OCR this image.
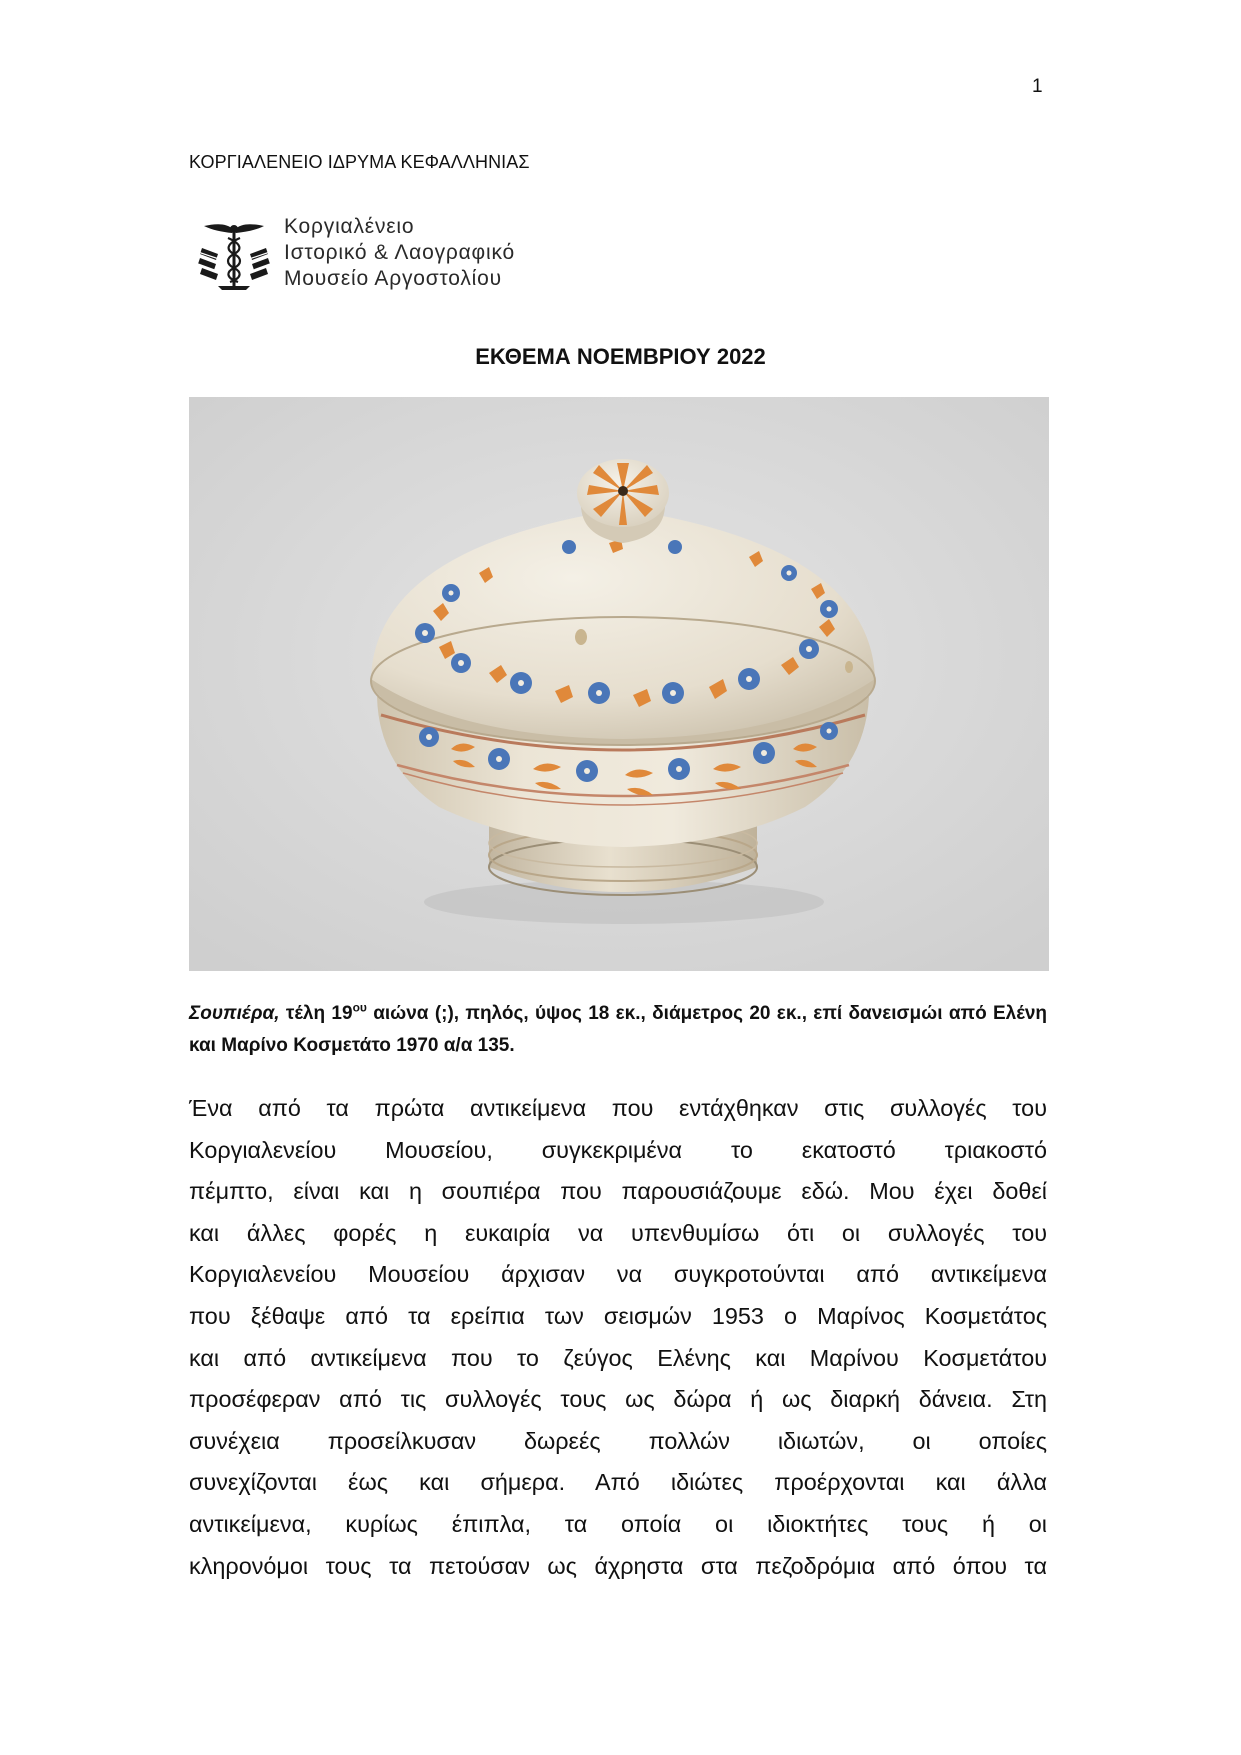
1
ΚΟΡΓΙΑΛΕΝΕΙΟ ΙΔΡΥΜΑ ΚΕΦΑΛΛΗΝΙΑΣ
Κοργιαλένειο
Ιστορικό & Λαογραφικό
Μουσείο Αργοστολίου
ΕΚΘΕΜΑ ΝΟΕΜΒΡΙΟΥ 2022
Σουπιέρα, τέλη $19^{o\upsilon}$ αιώνα (;), πηλός, ύψος 18 εκ., διάμετρος 20 εκ., επί δανεισμώι από Ελένη και Μαρίνο Κοσμετάτο 1970 α/α 135.
Ένα από τα πρώτα αντικείμενα που εντάχθηκαν στις συλλογές του
Κοργιαλενείου Μουσείου, συγκεκριμένα το εκατοστό τριακοστό
πέμπτο, είναι και η σουπιέρα που παρουσιάζουμε εδώ. Μου έχει δοθεί
και άλλες φορές η ευκαιρία να υπενθυμίσω ότι οι συλλογές του
Κοργιαλενείου Μουσείου άρχισαν να συγκροτούνται από αντικείμενα
που ξέθαψε από τα ερείπια των σεισμών 1953 ο Μαρίνος Κοσμετάτος
και από αντικείμενα που το ζεύγος Ελένης και Μαρίνου Κοσμετάτου
προσέφεραν από τις συλλογές τους ως δώρα ή ως διαρκή δάνεια. Στη
συνέχεια προσείλκυσαν δωρεές πολλών ιδιωτών, οι οποίες
συνεχίζονται έως και σήμερα. Από ιδιώτες προέρχονται και άλλα
αντικείμενα, κυρίως έπιπλα, τα οποία οι ιδιοκτήτες τους ή οι
κληρονόμοι τους τα πετούσαν ως άχρηστα στα πεζοδρόμια από όπου τα
